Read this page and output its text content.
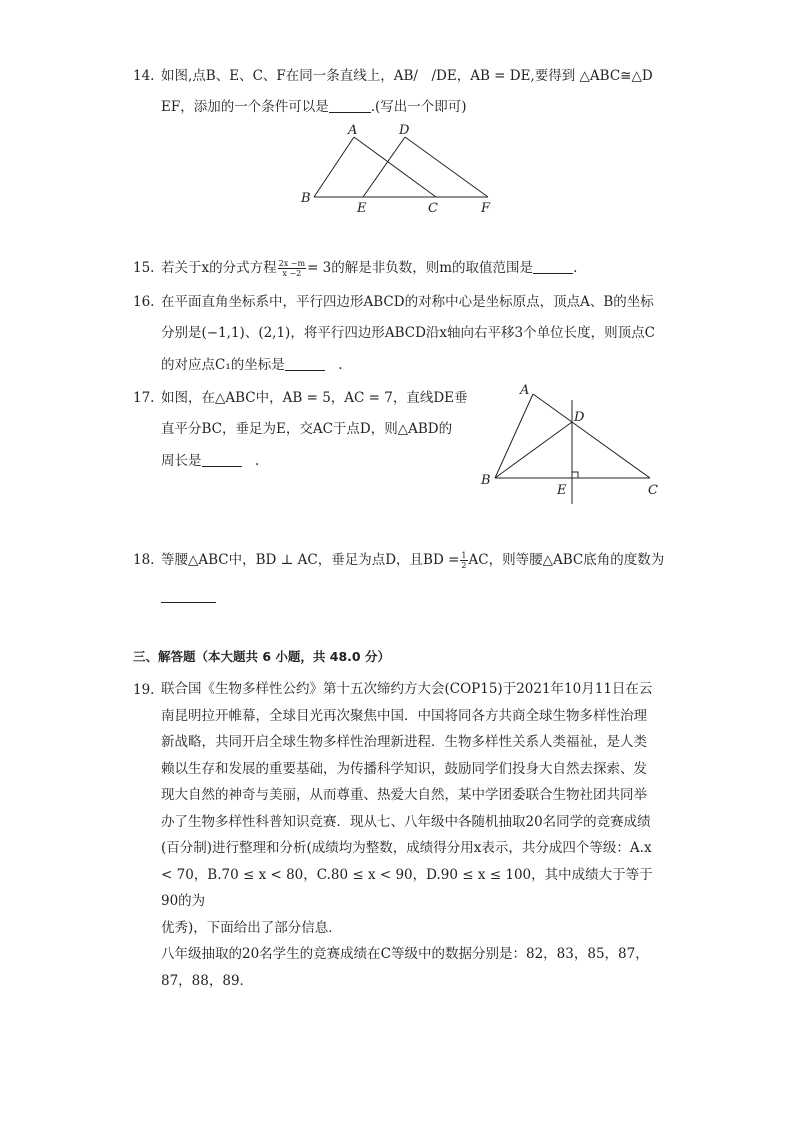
14. 如图,点B、E、C、F在同一条直线上，AB/　/DE，AB = DE,要得到 △ABC≅△D
EF，添加的一个条件可以是	.(写出一个即可)
A	D
B
E	C	F
15. 若关于x的分式方程 $\frac{2x -m}{x -2} = 3$的解是非负数，则m的取值范围是	.
16. 在平面直角坐标系中，平行四边形ABCD的对称中心是坐标原点，顶点A、B的坐标
分别是(−1,1)、(2,1)，将平行四边形ABCD沿x轴向右平移3个单位长度，则顶点C
的对应点C₁的坐标是	　.
17. 如图，在△ABC中，AB = 5，AC = 7，直线DE垂
直平分BC，垂足为E，交AC于点D，则△ABD的
周长是	　.
A
D
B
E	C
18. 等腰△ABC中，BD ⊥ AC，垂足为点D，且BD = $\frac{1}{2}$ AC，则等腰△ABC底角的度数为
三、解答题（本大题共 6 小题，共 48.0 分）
19. 联合国《生物多样性公约》第十五次缔约方大会(COP15)于2021年10月11日在云
南昆明拉开帷幕，全球目光再次聚焦中国．中国将同各方共商全球生物多样性治理
新战略，共同开启全球生物多样性治理新进程．生物多样性关系人类福祉，是人类
赖以生存和发展的重要基础，为传播科学知识，鼓励同学们投身大自然去探索、发
现大自然的神奇与美丽，从而尊重、热爱大自然，某中学团委联合生物社团共同举
办了生物多样性科普知识竞赛．现从七、八年级中各随机抽取20名同学的竞赛成绩
(百分制)进行整理和分析(成绩均为整数，成绩得分用x表示，共分成四个等级：A.x
< 70，B.70 ≤ x < 80，C.80 ≤ x < 90，D.90 ≤ x ≤ 100，其中成绩大于等于90的为
优秀)，下面给出了部分信息．
八年级抽取的20名学生的竞赛成绩在C等级中的数据分别是：82，83，85，87，
87，88，89．
